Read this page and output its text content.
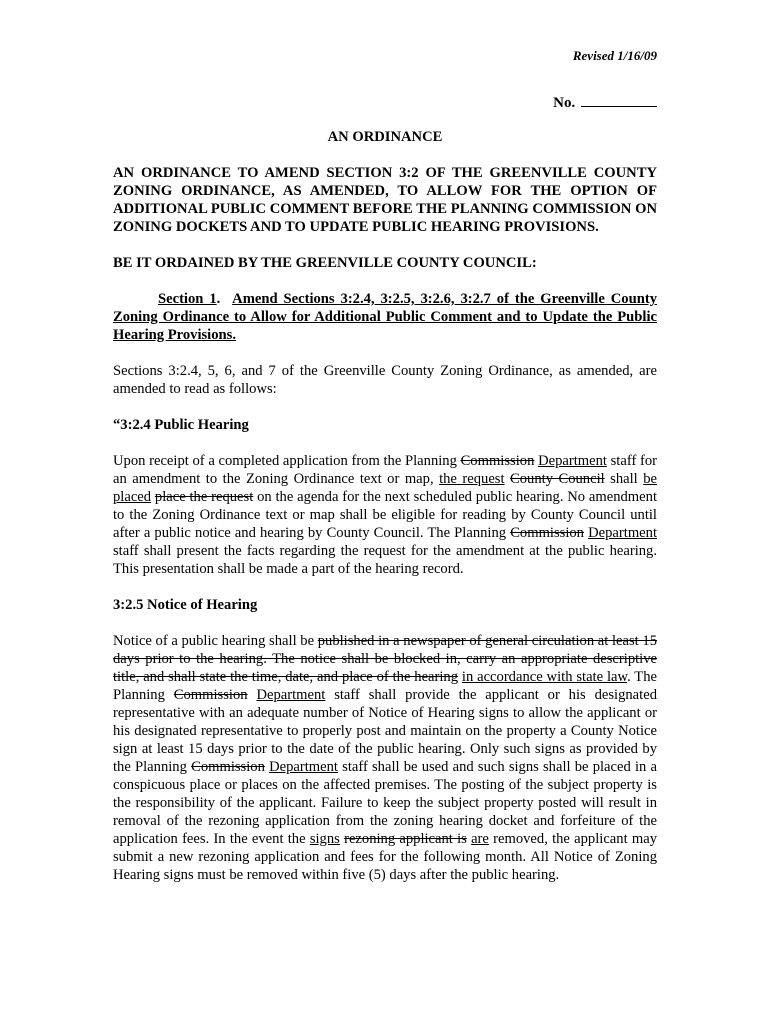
Revised 1/16/09
No.

AN ORDINANCE

AN ORDINANCE TO AMEND SECTION 3:2 OF THE GREENVILLE COUNTY ZONING ORDINANCE, AS AMENDED, TO ALLOW FOR THE OPTION OF ADDITIONAL PUBLIC COMMENT BEFORE THE PLANNING COMMISSION ON ZONING DOCKETS AND TO UPDATE PUBLIC HEARING PROVISIONS.

BE IT ORDAINED BY THE GREENVILLE COUNTY COUNCIL:

Section 1. Amend Sections 3:2.4, 3:2.5, 3:2.6, 3:2.7 of the Greenville County Zoning Ordinance to Allow for Additional Public Comment and to Update the Public Hearing Provisions.

Sections 3:2.4, 5, 6, and 7 of the Greenville County Zoning Ordinance, as amended, are amended to read as follows:

“3:2.4 Public Hearing

Upon receipt of a completed application from the Planning Commission Department staff for an amendment to the Zoning Ordinance text or map, the request County Council shall be placed place the request on the agenda for the next scheduled public hearing. No amendment to the Zoning Ordinance text or map shall be eligible for reading by County Council until after a public notice and hearing by County Council. The Planning Commission Department staff shall present the facts regarding the request for the amendment at the public hearing. This presentation shall be made a part of the hearing record.

3:2.5 Notice of Hearing

Notice of a public hearing shall be published in a newspaper of general circulation at least 15 days prior to the hearing. The notice shall be blocked in, carry an appropriate descriptive title, and shall state the time, date, and place of the hearing in accordance with state law. The Planning Commission Department staff shall provide the applicant or his designated representative with an adequate number of Notice of Hearing signs to allow the applicant or his designated representative to properly post and maintain on the property a County Notice sign at least 15 days prior to the date of the public hearing. Only such signs as provided by the Planning Commission Department staff shall be used and such signs shall be placed in a conspicuous place or places on the affected premises. The posting of the subject property is the responsibility of the applicant. Failure to keep the subject property posted will result in removal of the rezoning application from the zoning hearing docket and forfeiture of the application fees. In the event the signs rezoning applicant is are removed, the applicant may submit a new rezoning application and fees for the following month. All Notice of Zoning Hearing signs must be removed within five (5) days after the public hearing.
